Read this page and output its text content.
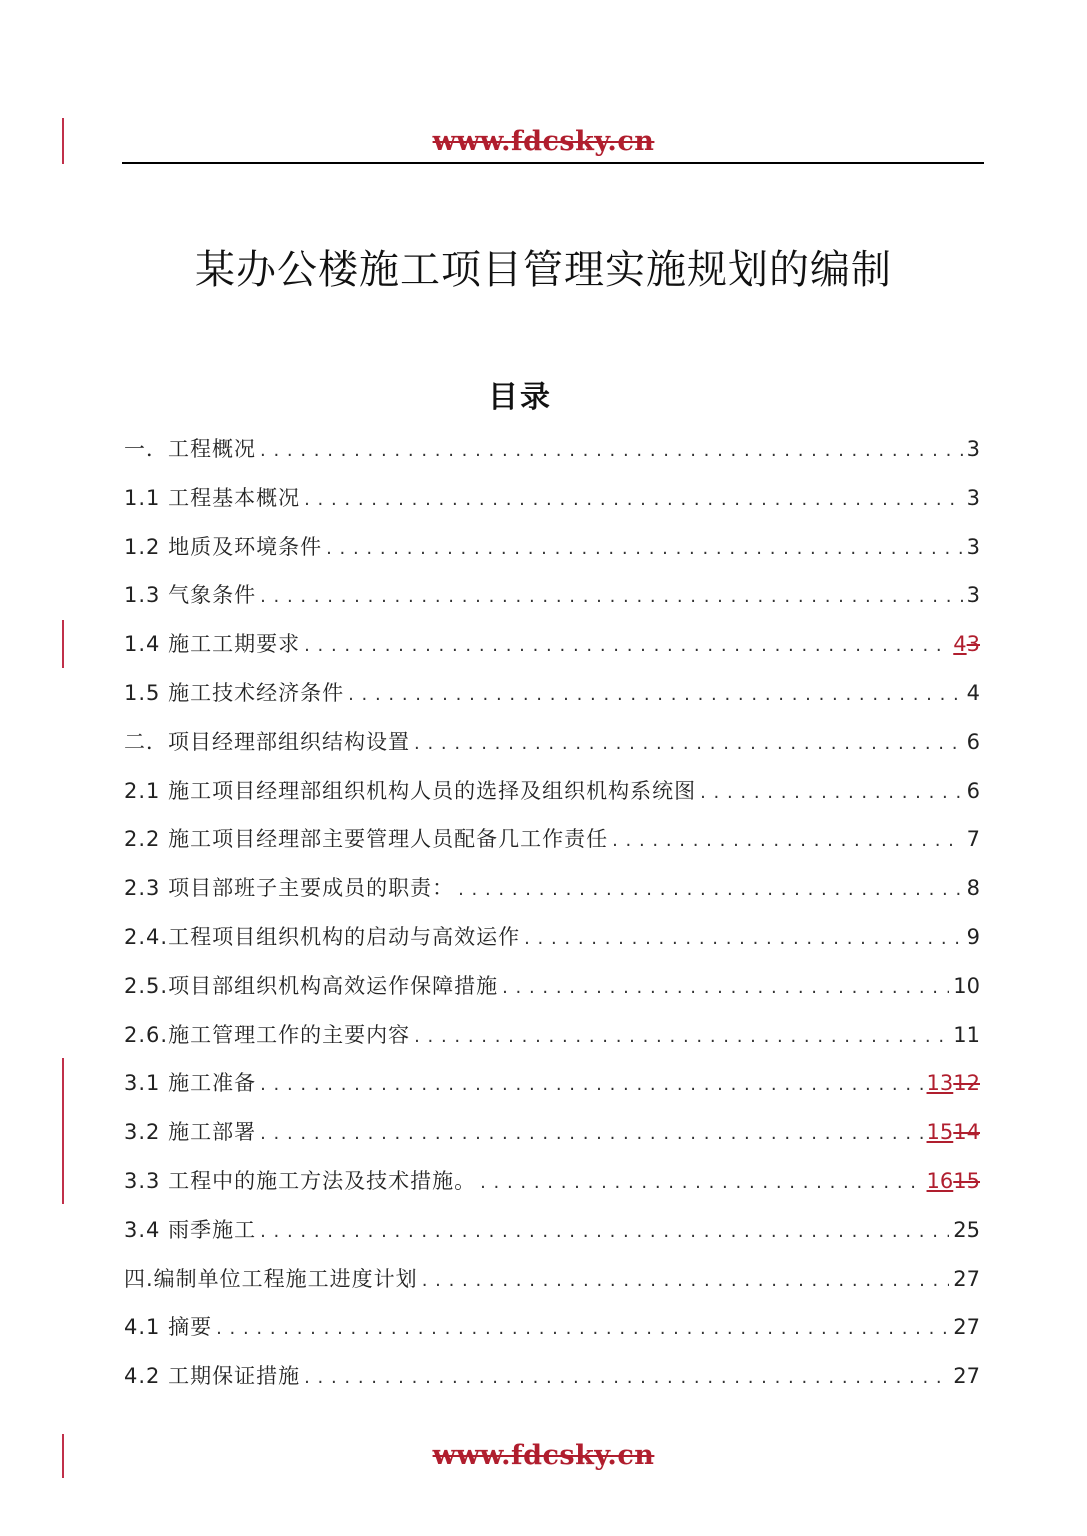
www.fdcsky.cn
某办公楼施工项目管理实施规划的编制
目录
一．工程概况 . . .	3
1.1 工程基本概况 . . .	3
1.2 地质及环境条件 . . .	3
1.3 气象条件 . . .	3
1.4 施工工期要求 . . .	43
1.5 施工技术经济条件 . . .	4
二．项目经理部组织结构设置 . . .	6
2.1 施工项目经理部组织机构人员的选择及组织机构系统图 . . .	6
2.2 施工项目经理部主要管理人员配备几工作责任 . . .	7
2.3 项目部班子主要成员的职责： . . .	8
2.4.工程项目组织机构的启动与高效运作 . . .	9
2.5.项目部组织机构高效运作保障措施 . . .	10
2.6.施工管理工作的主要内容 . . .	11
3.1 施工准备 . . .	1312
3.2 施工部署 . . .	1514
3.3 工程中的施工方法及技术措施。 . . .	1615
3.4 雨季施工 . . .	25
四.编制单位工程施工进度计划 . . .	27
4.1 摘要 . . .	27
4.2 工期保证措施 . . .	27
www.fdcsky.cn
